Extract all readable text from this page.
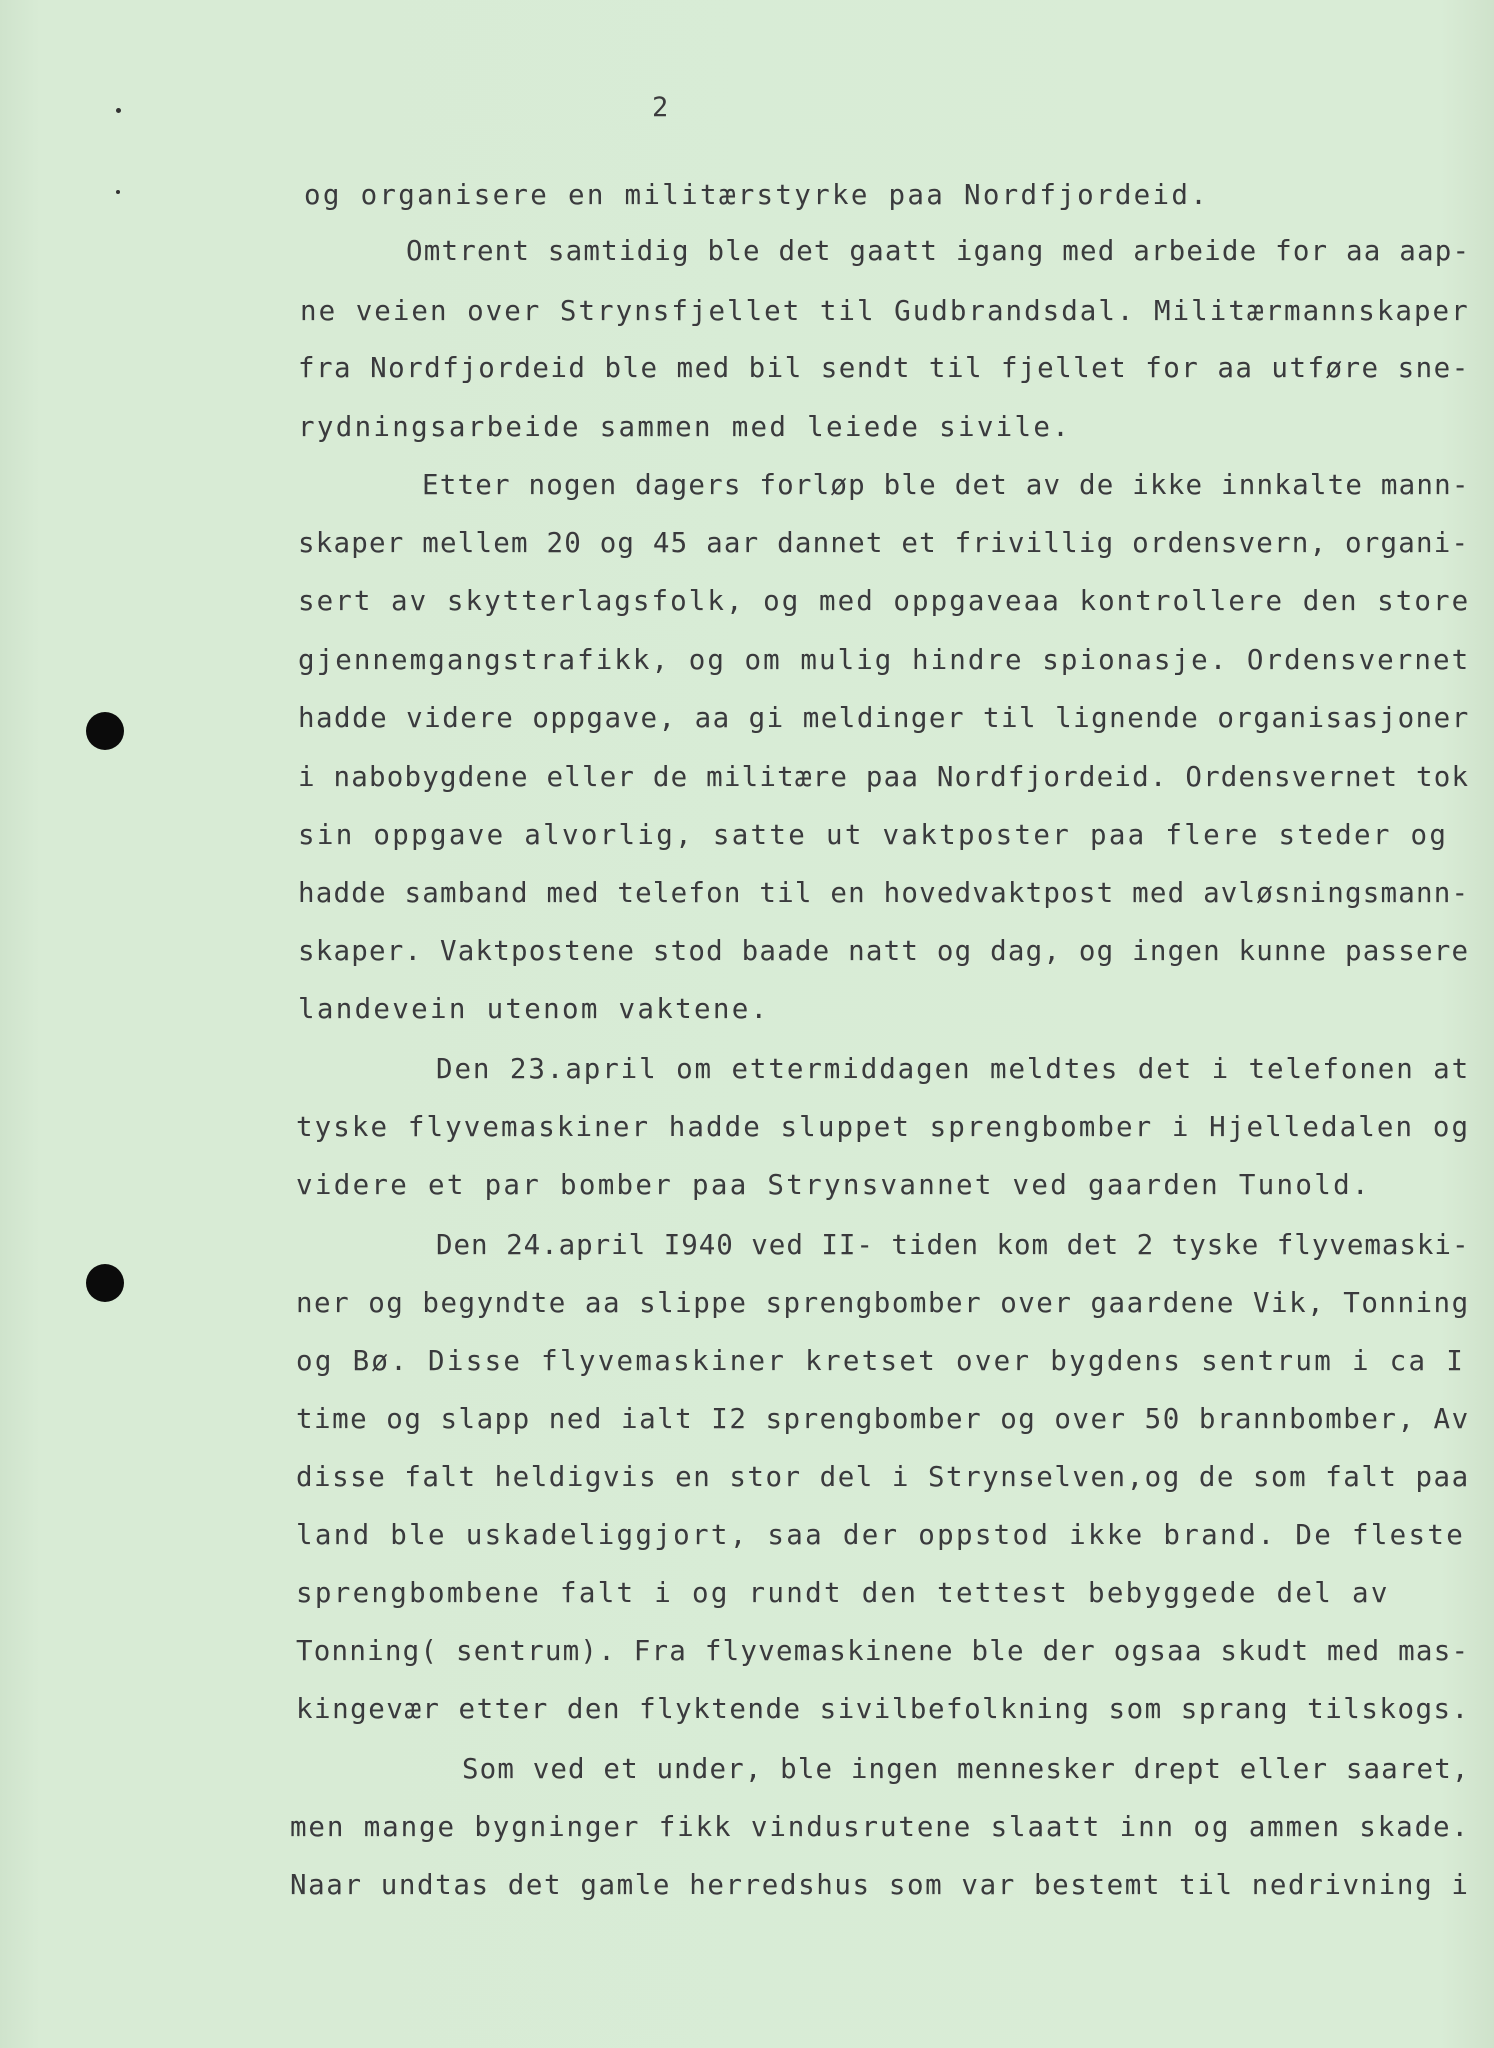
2
og organisere en militærstyrke paa Nordfjordeid.
Omtrent samtidig ble det gaatt igang med arbeide for aa aap-
ne veien over Strynsfjellet til Gudbrandsdal. Militærmannskaper
fra Nordfjordeid ble med bil sendt til fjellet for aa utføre sne-
rydningsarbeide sammen med leiede sivile.
Etter nogen dagers forløp ble det av de ikke innkalte mann-
skaper mellem 20 og 45 aar dannet et frivillig ordensvern, organi-
sert av skytterlagsfolk, og med oppgaveaa kontrollere den store
gjennemgangstrafikk, og om mulig hindre spionasje. Ordensvernet
hadde videre oppgave, aa gi meldinger til lignende organisasjoner
i nabobygdene eller de militære paa Nordfjordeid. Ordensvernet tok
sin oppgave alvorlig, satte ut vaktposter paa flere steder og
hadde samband med telefon til en hovedvaktpost med avløsningsmann-
skaper. Vaktpostene stod baade natt og dag, og ingen kunne passere
landevein utenom vaktene.
Den 23.april om ettermiddagen meldtes det i telefonen at
tyske flyvemaskiner hadde sluppet sprengbomber i Hjelledalen og
videre et par bomber paa Strynsvannet ved gaarden Tunold.
Den 24.april I940 ved II- tiden kom det 2 tyske flyvemaski-
ner og begyndte aa slippe sprengbomber over gaardene Vik, Tonning
og Bø. Disse flyvemaskiner kretset over bygdens sentrum i ca I
time og slapp ned ialt I2 sprengbomber og over 50 brannbomber, Av
disse falt heldigvis en stor del i Strynselven,og de som falt paa
land ble uskadeliggjort, saa der oppstod ikke brand. De fleste
sprengbombene falt i og rundt den tettest bebyggede del av
Tonning( sentrum). Fra flyvemaskinene ble der ogsaa skudt med mas-
kingevær etter den flyktende sivilbefolkning som sprang tilskogs.
Som ved et under, ble ingen mennesker drept eller saaret,
men mange bygninger fikk vindusrutene slaatt inn og ammen skade.
Naar undtas det gamle herredshus som var bestemt til nedrivning i
